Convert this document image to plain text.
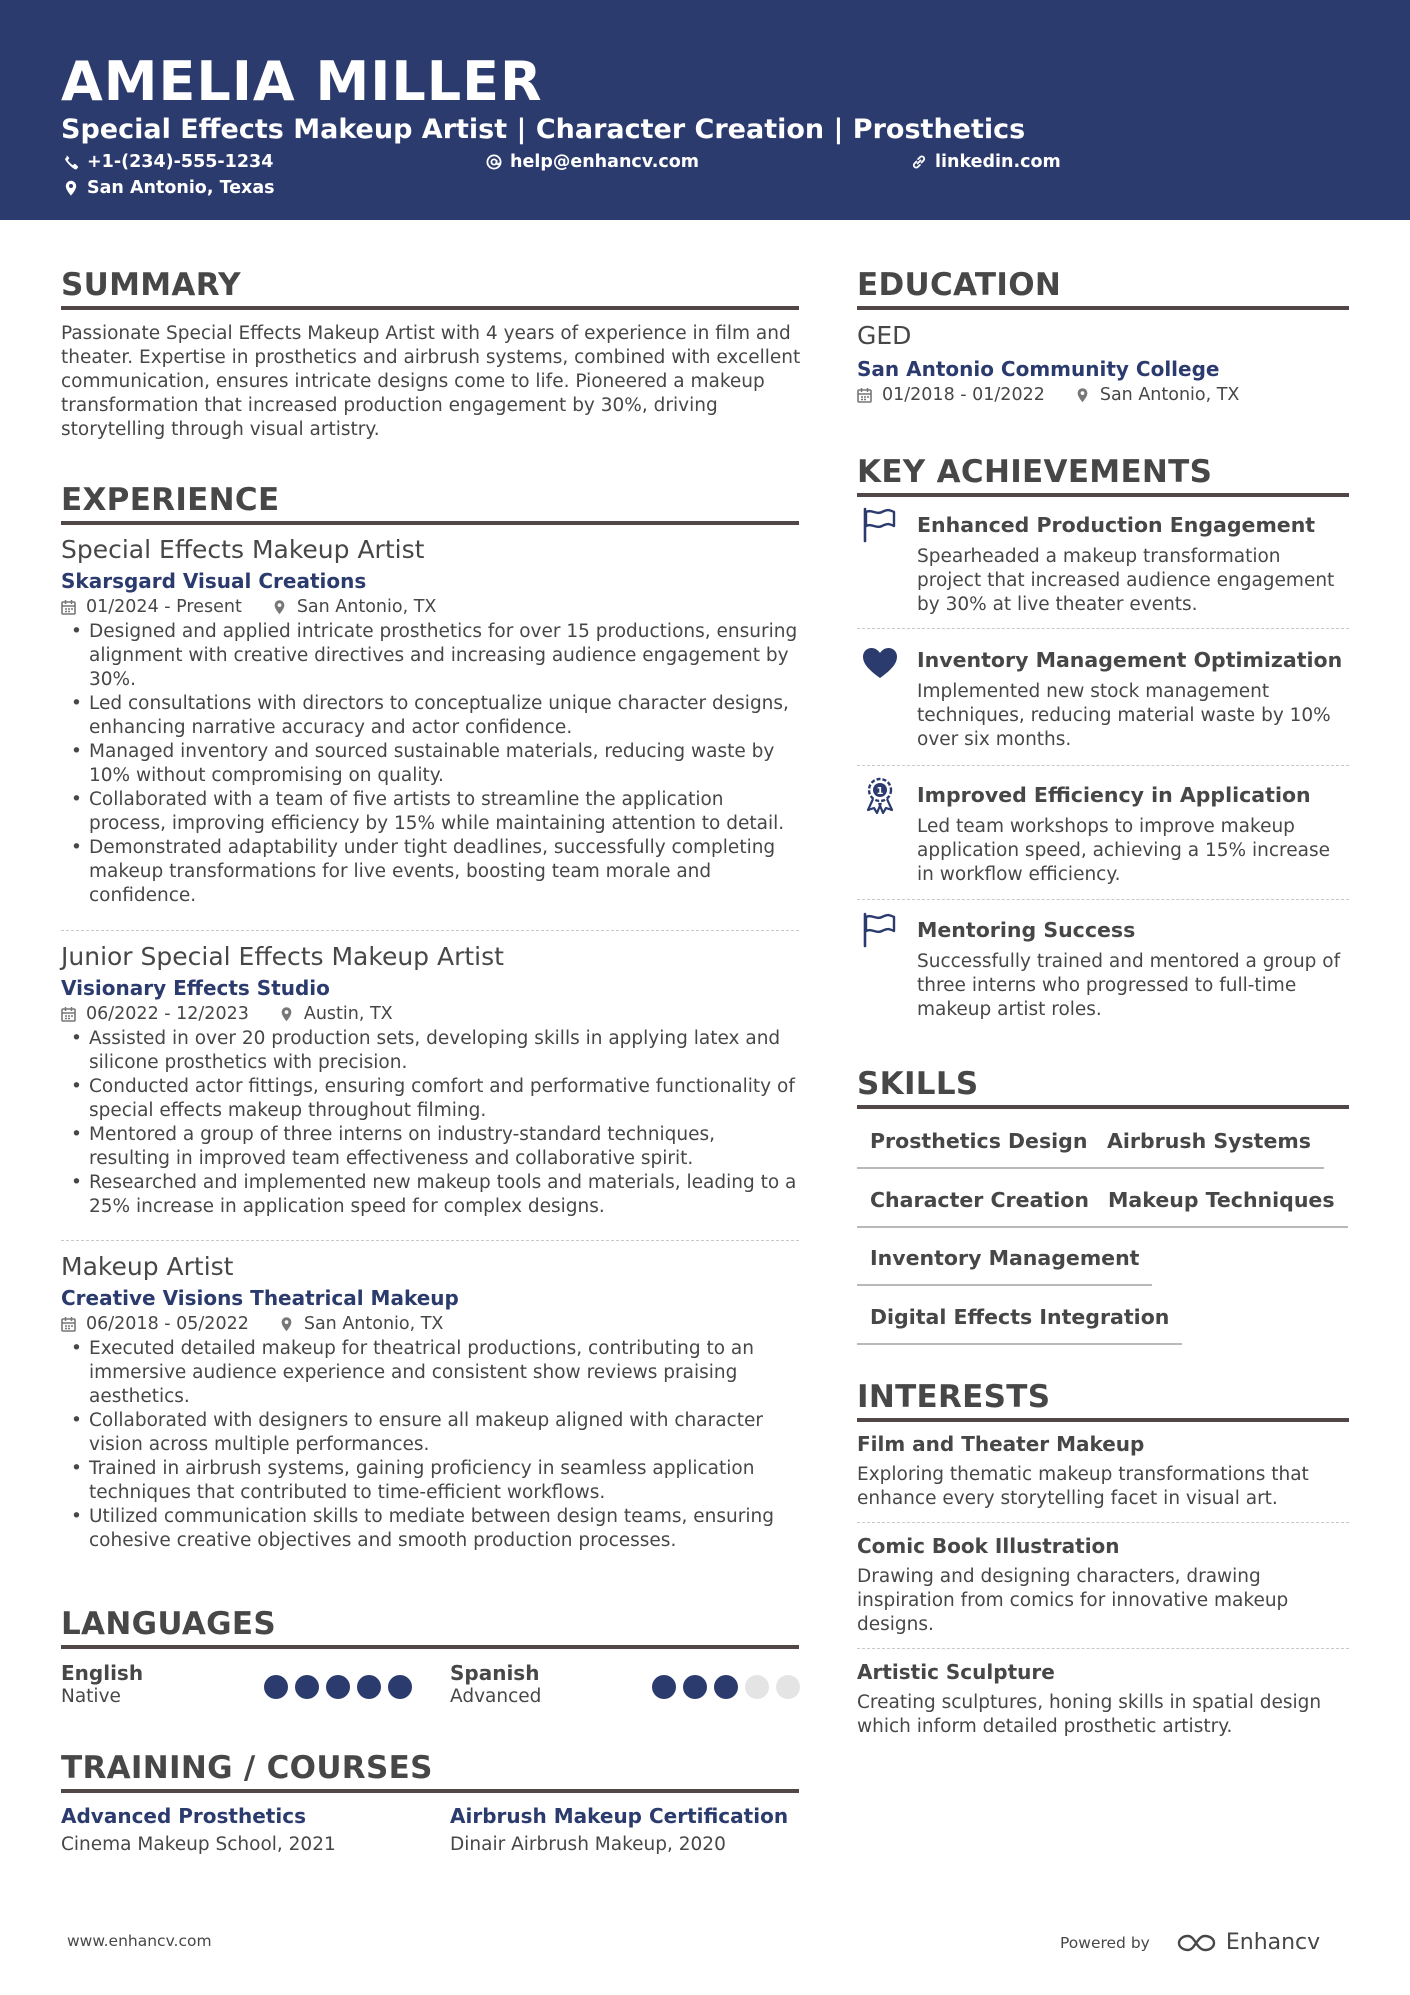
AMELIA MILLER
Special Effects Makeup Artist | Character Creation | Prosthetics
+1-(234)-555-1234	help@enhancv.com	linkedin.com
San Antonio, Texas
SUMMARY
Passionate Special Effects Makeup Artist with 4 years of experience in film and theater. Expertise in prosthetics and airbrush systems, combined with excellent communication, ensures intricate designs come to life. Pioneered a makeup transformation that increased production engagement by 30%, driving storytelling through visual artistry.
EXPERIENCE
Special Effects Makeup Artist
Skarsgard Visual Creations
01/2024 - Present	San Antonio, TX
• Designed and applied intricate prosthetics for over 15 productions, ensuring alignment with creative directives and increasing audience engagement by 30%.
• Led consultations with directors to conceptualize unique character designs, enhancing narrative accuracy and actor confidence.
• Managed inventory and sourced sustainable materials, reducing waste by 10% without compromising on quality.
• Collaborated with a team of five artists to streamline the application process, improving efficiency by 15% while maintaining attention to detail.
• Demonstrated adaptability under tight deadlines, successfully completing makeup transformations for live events, boosting team morale and confidence.
Junior Special Effects Makeup Artist
Visionary Effects Studio
06/2022 - 12/2023	Austin, TX
• Assisted in over 20 production sets, developing skills in applying latex and silicone prosthetics with precision.
• Conducted actor fittings, ensuring comfort and performative functionality of special effects makeup throughout filming.
• Mentored a group of three interns on industry-standard techniques, resulting in improved team effectiveness and collaborative spirit.
• Researched and implemented new makeup tools and materials, leading to a 25% increase in application speed for complex designs.
Makeup Artist
Creative Visions Theatrical Makeup
06/2018 - 05/2022	San Antonio, TX
• Executed detailed makeup for theatrical productions, contributing to an immersive audience experience and consistent show reviews praising aesthetics.
• Collaborated with designers to ensure all makeup aligned with character vision across multiple performances.
• Trained in airbrush systems, gaining proficiency in seamless application techniques that contributed to time-efficient workflows.
• Utilized communication skills to mediate between design teams, ensuring cohesive creative objectives and smooth production processes.
LANGUAGES
English
Native
Spanish
Advanced
TRAINING / COURSES
Advanced Prosthetics
Cinema Makeup School, 2021
Airbrush Makeup Certification
Dinair Airbrush Makeup, 2020
EDUCATION
GED
San Antonio Community College
01/2018 - 01/2022	San Antonio, TX
KEY ACHIEVEMENTS
Enhanced Production Engagement
Spearheaded a makeup transformation project that increased audience engagement by 30% at live theater events.
Inventory Management Optimization
Implemented new stock management techniques, reducing material waste by 10% over six months.
1 Improved Efficiency in Application
Led team workshops to improve makeup application speed, achieving a 15% increase in workflow efficiency.
Mentoring Success
Successfully trained and mentored a group of three interns who progressed to full-time makeup artist roles.
SKILLS
Prosthetics Design Airbrush Systems
Character Creation Makeup Techniques
Inventory Management
Digital Effects Integration
INTERESTS
Film and Theater Makeup
Exploring thematic makeup transformations that enhance every storytelling facet in visual art.
Comic Book Illustration
Drawing and designing characters, drawing inspiration from comics for innovative makeup designs.
Artistic Sculpture
Creating sculptures, honing skills in spatial design which inform detailed prosthetic artistry.
www.enhancv.com	Powered by	Enhancv
